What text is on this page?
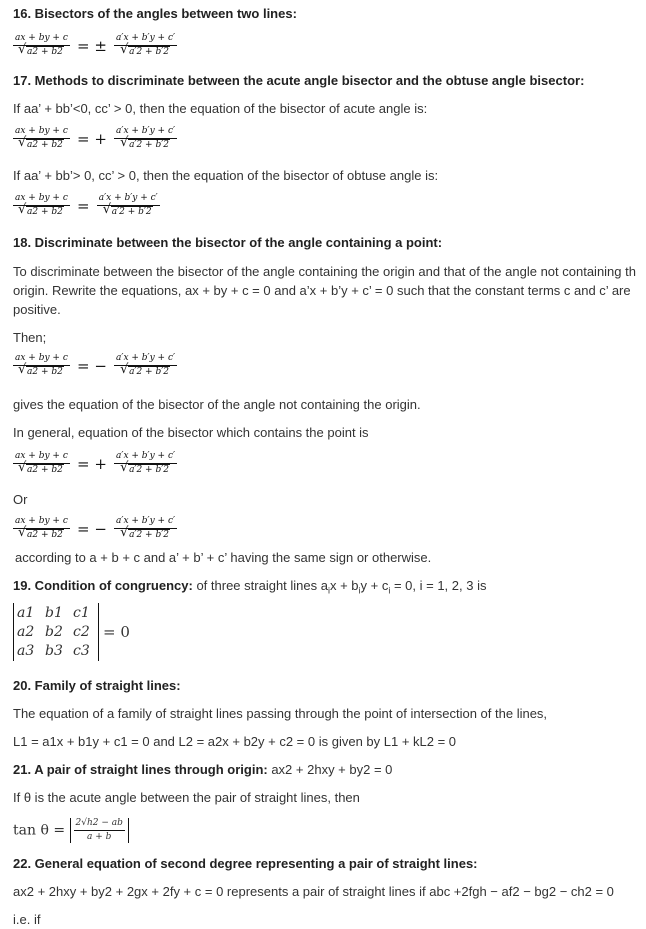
16. Bisectors of the angles between two lines:
ax + by + c
√ a2 + b2 = ± a′x + b′y + c′
√ a′2 + b′2
17. Methods to discriminate between the acute angle bisector and the obtuse angle bisector:
If aa’ + bb’<0, cc’ > 0, then the equation of the bisector of acute angle is:
ax + by + c
√ a2 + b2 = + a′x + b′y + c′
√ a′2 + b′2
If aa’ + bb’> 0, cc’ > 0, then the equation of the bisector of obtuse angle is:
ax + by + c
√ a2 + b2 = a′x + b′y + c′
√ a′2 + b′2
18. Discriminate between the bisector of the angle containing a point:
To discriminate between the bisector of the angle containing the origin and that of the angle not containing th origin. Rewrite the equations, ax + by + c = 0 and a’x + b’y + c’ = 0 such that the constant terms c and c’ are positive.
Then;
ax + by + c
√ a2 + b2 = − a′x + b′y + c′
√ a′2 + b′2
gives the equation of the bisector of the angle not containing the origin.
In general, equation of the bisector which contains the point is
ax + by + c
√ a2 + b2 = + a′x + b′y + c′
√ a′2 + b′2
Or
ax + by + c
√ a2 + b2 = − a′x + b′y + c′
√ a′2 + b′2
according to a + b + c and a’ + b’ + c’ having the same sign or otherwise.
19. Condition of congruency: of three straight lines $a_ix + b_iy + c_i = 0$, i = 1, 2, 3 is
a1 b1 c1
a2 b2 c2
a3 b3 c3
= 0
20. Family of straight lines:
The equation of a family of straight lines passing through the point of intersection of the lines,
L1 = a1x + b1y + c1 = 0 and L2 = a2x + b2y + c2 = 0 is given by L1 + kL2 = 0
21. A pair of straight lines through origin: ax2 + 2hxy + by2 = 0
If θ is the acute angle between the pair of straight lines, then
$\tan \theta = \frac{2√h2 - ab}{a + b}$
22. General equation of second degree representing a pair of straight lines:
ax2 + 2hxy + by2 + 2gx + 2fy + c = 0 represents a pair of straight lines if abc +2fgh − af2 − bg2 − ch2 = 0
i.e. if
